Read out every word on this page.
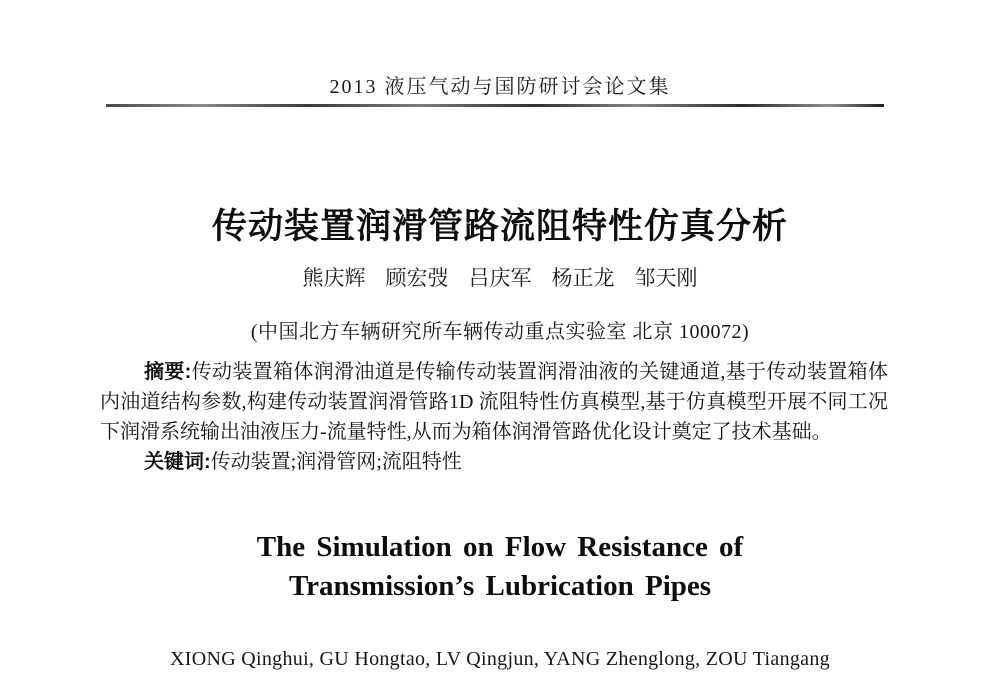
2013 液压气动与国防研讨会论文集
传动装置润滑管路流阻特性仿真分析
熊庆辉 顾宏弢 吕庆军 杨正龙 邹天刚
(中国北方车辆研究所车辆传动重点实验室 北京 100072)

摘要:传动装置箱体润滑油道是传输传动装置润滑油液的关键通道,基于传动装置箱体内油道结构参数,构建传动装置润滑管路1D 流阻特性仿真模型,基于仿真模型开展不同工况下润滑系统输出油液压力-流量特性,从而为箱体润滑管路优化设计奠定了技术基础。

关键词:传动装置;润滑管网;流阻特性

The Simulation on Flow Resistance of
Transmission’s Lubrication Pipes
XIONG Qinghui, GU Hongtao, LV Qingjun, YANG Zhenglong, ZOU Tiangang
